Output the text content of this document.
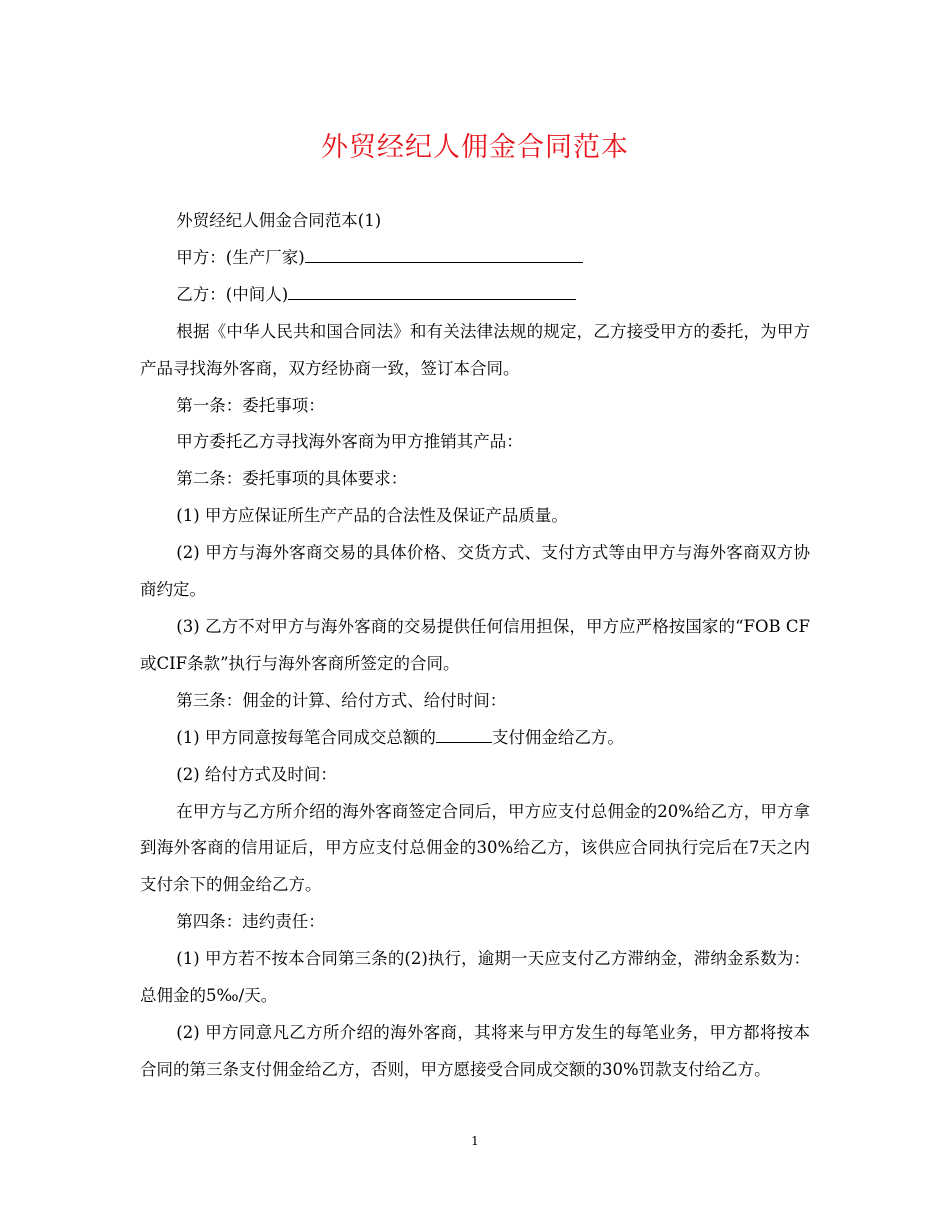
外贸经纪人佣金合同范本

外贸经纪人佣金合同范本(1)

甲方：(生产厂家)

乙方：(中间人)

根据《中华人民共和国合同法》和有关法律法规的规定，乙方接受甲方的委托，为甲方产品寻找海外客商，双方经协商一致，签订本合同。

第一条：委托事项：

甲方委托乙方寻找海外客商为甲方推销其产品：

第二条：委托事项的具体要求：

(1) 甲方应保证所生产产品的合法性及保证产品质量。

(2) 甲方与海外客商交易的具体价格、交货方式、支付方式等由甲方与海外客商双方协商约定。

(3) 乙方不对甲方与海外客商的交易提供任何信用担保，甲方应严格按国家的“FOB CF或CIF条款”执行与海外客商所签定的合同。

第三条：佣金的计算、给付方式、给付时间：

(1) 甲方同意按每笔合同成交总额的	支付佣金给乙方。

(2) 给付方式及时间：

在甲方与乙方所介绍的海外客商签定合同后，甲方应支付总佣金的20%给乙方，甲方拿到海外客商的信用证后，甲方应支付总佣金的30%给乙方，该供应合同执行完后在7天之内支付余下的佣金给乙方。

第四条：违约责任：

(1) 甲方若不按本合同第三条的(2)执行，逾期一天应支付乙方滞纳金，滞纳金系数为：总佣金的5‰/天。

(2) 甲方同意凡乙方所介绍的海外客商，其将来与甲方发生的每笔业务，甲方都将按本合同的第三条支付佣金给乙方，否则，甲方愿接受合同成交额的30%罚款支付给乙方。

1
